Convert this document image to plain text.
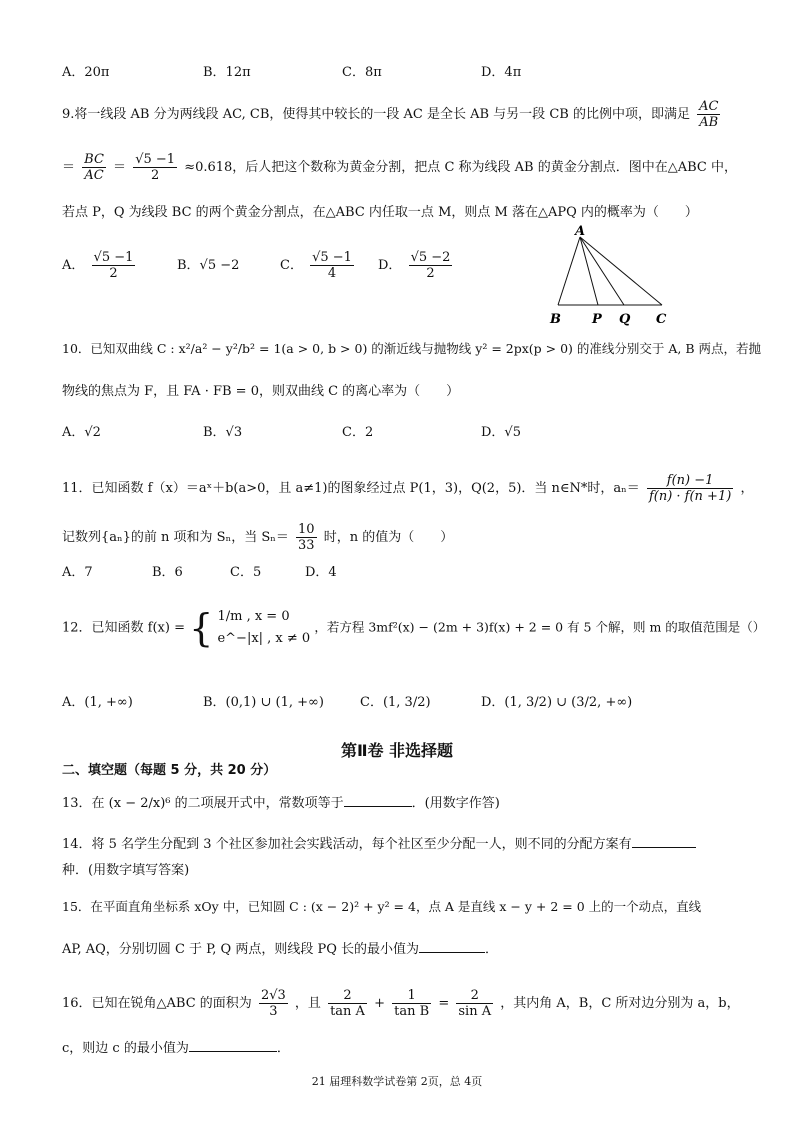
A．20π	B．12π	C．8π	D．4π
9.将一线段 AB 分为两线段 AC, CB，使得其中较长的一段 AC 是全长 AB 与另一段 CB 的比例中项，即满足 $\frac{AC}{AB}$
＝ $\frac{BC}{AC} = \frac{√5 -1}{2} \approx 0.618$，后人把这个数称为黄金分割，把点 C 称为线段 AB 的黄金分割点．图中在△ABC 中，
若点 P，Q 为线段 BC 的两个黄金分割点，在△ABC 内任取一点 M，则点 M 落在△APQ 内的概率为（　　）
A． $\frac{√5 -1}{2}$	B．√5 −2	C． $\frac{√5 -1}{4}$ D． $\frac{√5 -2}{2}$
A
B P Q C
10．已知双曲线 C : x²/a² − y²/b² = 1(a > 0, b > 0) 的渐近线与抛物线 y² = 2px(p > 0) 的准线分别交于 A, B 两点，若抛
物线的焦点为 F，且 FA · FB = 0，则双曲线 C 的离心率为（　　）
A．√2	B．√3	C．2	D．√5
11．已知函数 f（x）＝aˣ＋b(a>0，且 a≠1)的图象经过点 P(1，3)，Q(2，5)．当 n∈N*时，$a_n= \frac{f(n) -1}{f(n) \cdot f(n +1)}$ ，
记数列{aₙ}的前 n 项和为 Sₙ，当 $S_n= \frac{10}{33}$ 时，n 的值为（　　）
A．7	B．6	C．5	D．4
12．已知函数 f(x) = { 1/m , x = 0
e^−|x| , x ≠ 0
，若方程 3mf²(x) − (2m + 3)f(x) + 2 = 0 有 5 个解，则 m 的取值范围是（）
A．(1, +∞)	B．(0,1) ∪ (1, +∞)	C．(1, 3/2)	D．(1, 3/2) ∪ (3/2, +∞)
第Ⅱ卷 非选择题
二、填空题（每题 5 分，共 20 分）
13．在 (x − 2/x)⁶ 的二项展开式中，常数项等于	．(用数字作答)
14．将 5 名学生分配到 3 个社区参加社会实践活动，每个社区至少分配一人，则不同的分配方案有
种．(用数字填写答案)
15．在平面直角坐标系 xOy 中，已知圆 C : (x − 2)² + y² = 4，点 A 是直线 x − y + 2 = 0 上的一个动点，直线
AP, AQ，分别切圆 C 于 P, Q 两点，则线段 PQ 长的最小值为	．
16．已知在锐角△ABC 的面积为 $\frac{2√3}{3}$ ，且 $\frac{2}{\text{tan A}} + \frac{1}{\text{tan B}} = \frac{2}{\text{sin A}}$ ，其内角 A，B，C 所对边分别为 a，b，
c，则边 c 的最小值为	．
21 届理科数学试卷第 2页，总 4页
